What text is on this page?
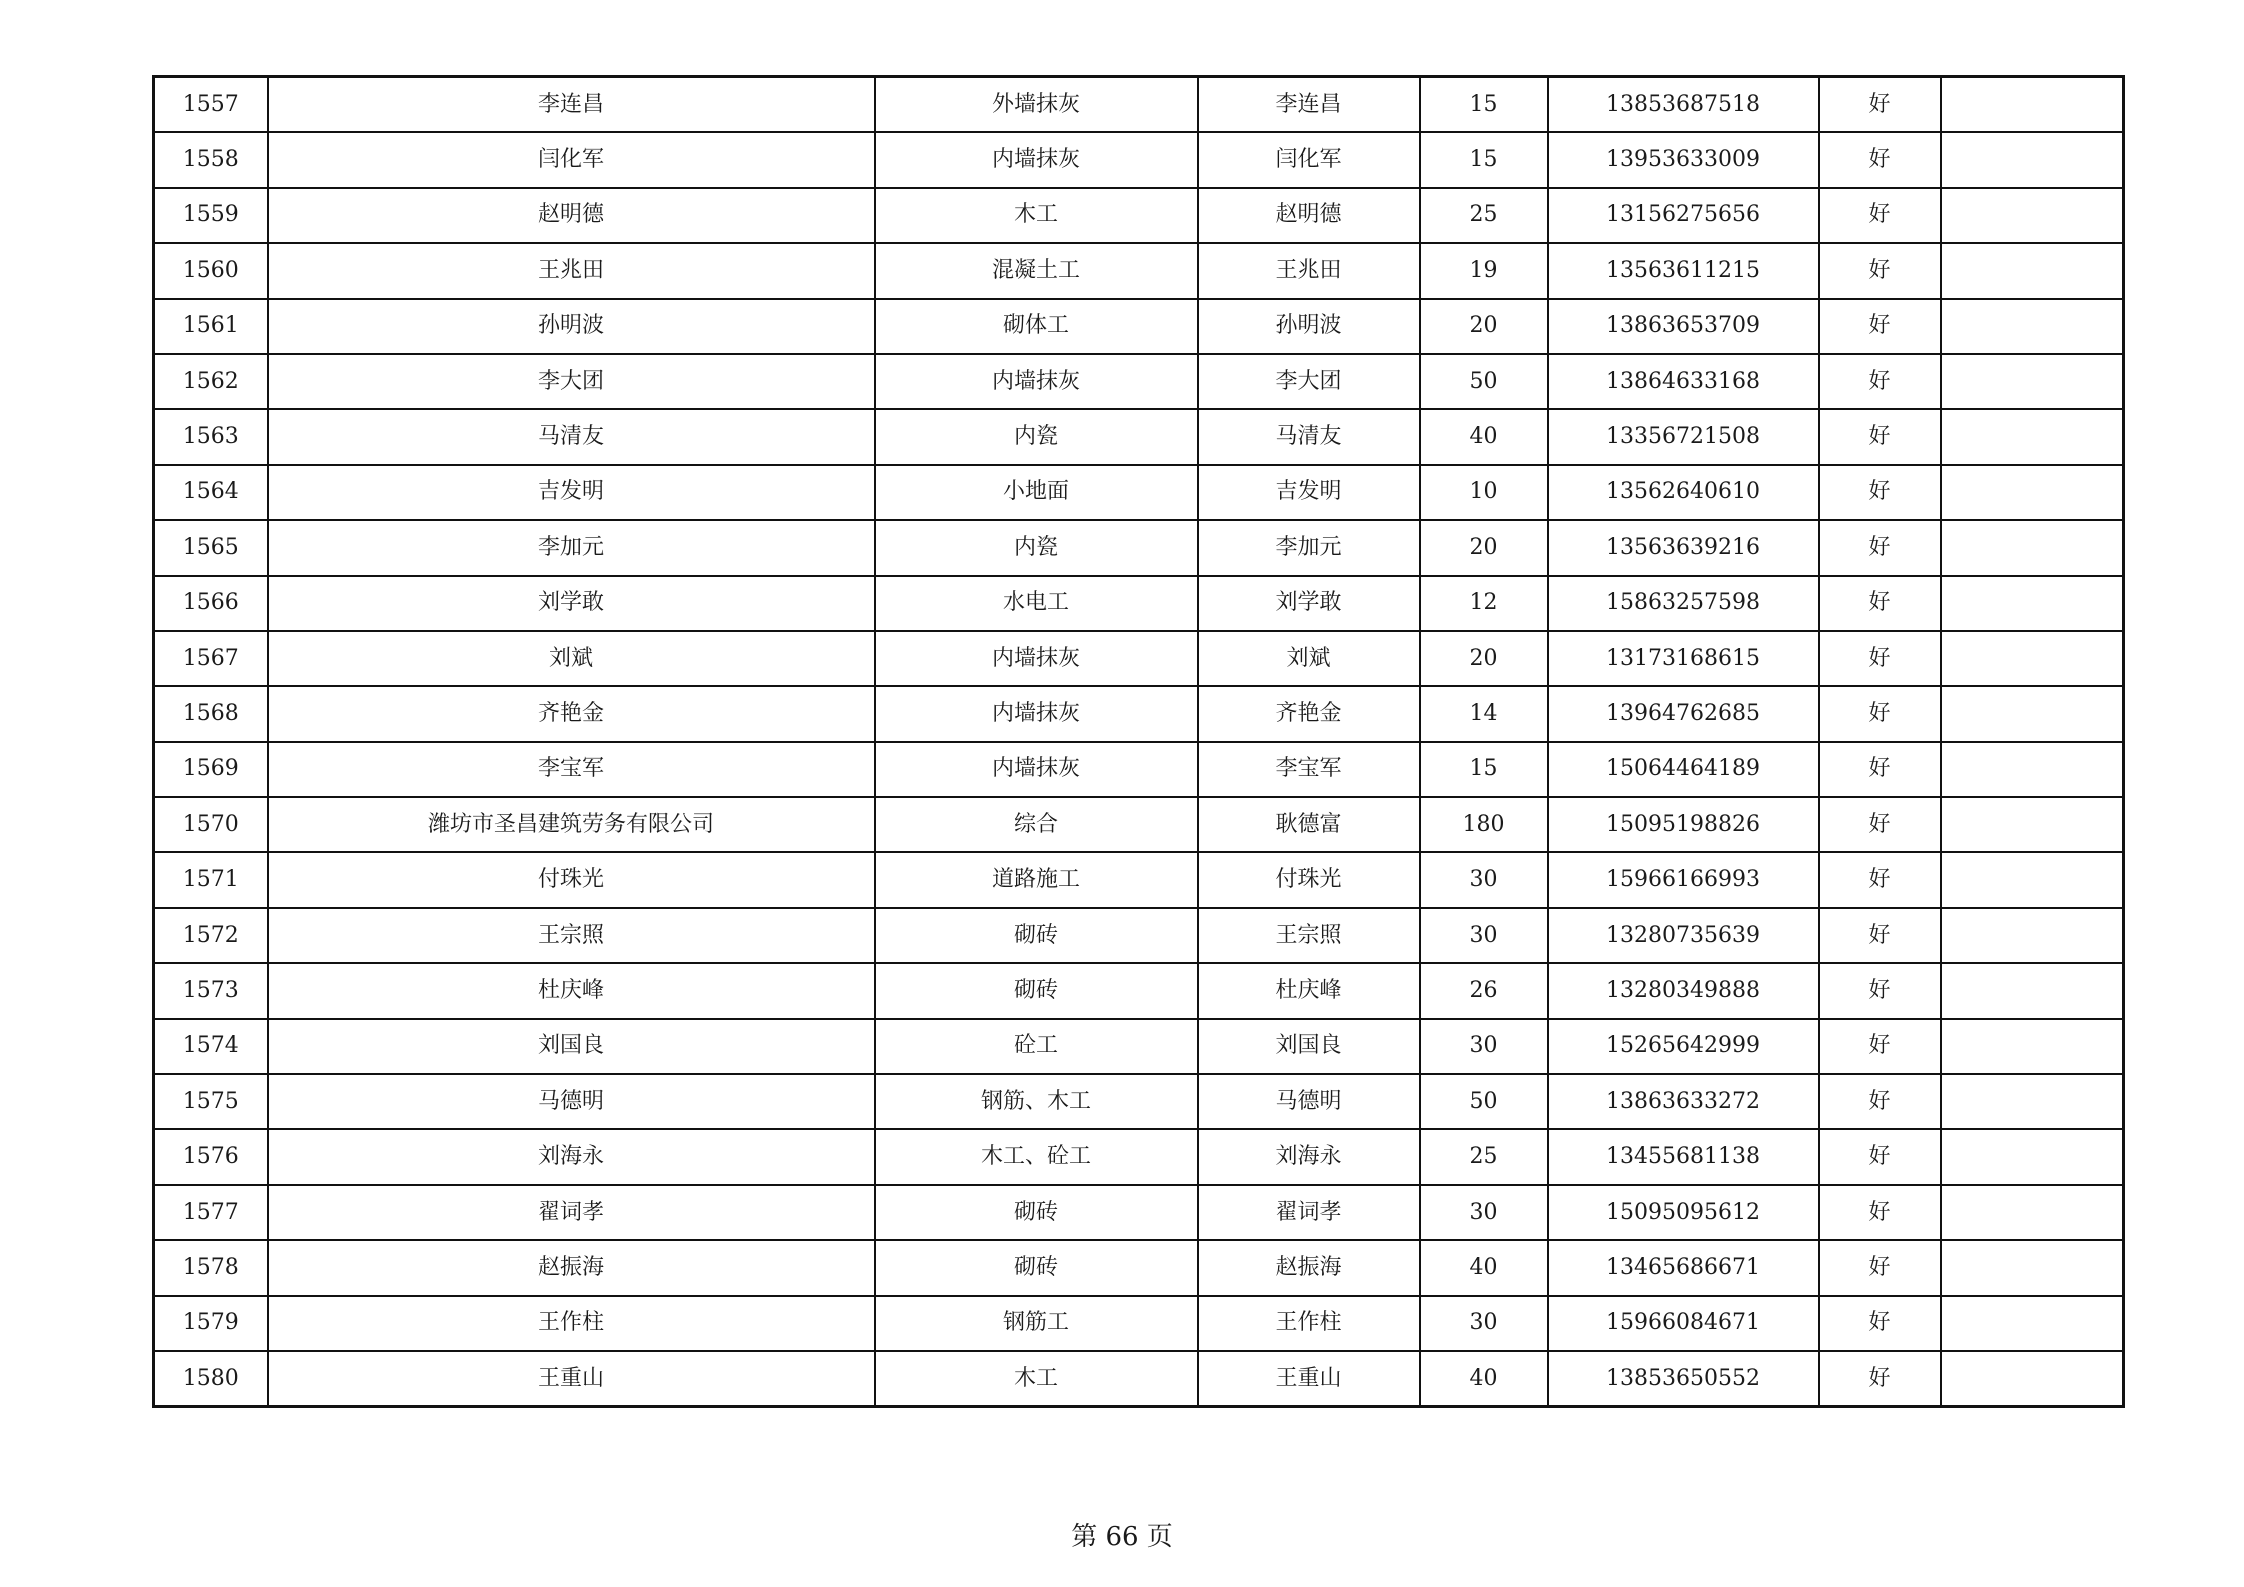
1557	李连昌	外墙抹灰	李连昌	15	13853687518	好	
1558	闫化军	内墙抹灰	闫化军	15	13953633009	好	
1559	赵明德	木工	赵明德	25	13156275656	好	
1560	王兆田	混凝土工	王兆田	19	13563611215	好	
1561	孙明波	砌体工	孙明波	20	13863653709	好	
1562	李大团	内墙抹灰	李大团	50	13864633168	好	
1563	马清友	内瓷	马清友	40	13356721508	好	
1564	吉发明	小地面	吉发明	10	13562640610	好	
1565	李加元	内瓷	李加元	20	13563639216	好	
1566	刘学敢	水电工	刘学敢	12	15863257598	好	
1567	刘斌	内墙抹灰	刘斌	20	13173168615	好	
1568	齐艳金	内墙抹灰	齐艳金	14	13964762685	好	
1569	李宝军	内墙抹灰	李宝军	15	15064464189	好	
1570	潍坊市圣昌建筑劳务有限公司	综合	耿德富	180	15095198826	好	
1571	付珠光	道路施工	付珠光	30	15966166993	好	
1572	王宗照	砌砖	王宗照	30	13280735639	好	
1573	杜庆峰	砌砖	杜庆峰	26	13280349888	好	
1574	刘国良	砼工	刘国良	30	15265642999	好	
1575	马德明	钢筋、木工	马德明	50	13863633272	好	
1576	刘海永	木工、砼工	刘海永	25	13455681138	好	
1577	翟词孝	砌砖	翟词孝	30	15095095612	好	
1578	赵振海	砌砖	赵振海	40	13465686671	好	
1579	王作柱	钢筋工	王作柱	30	15966084671	好	
1580	王重山	木工	王重山	40	13853650552	好	
第 66 页
